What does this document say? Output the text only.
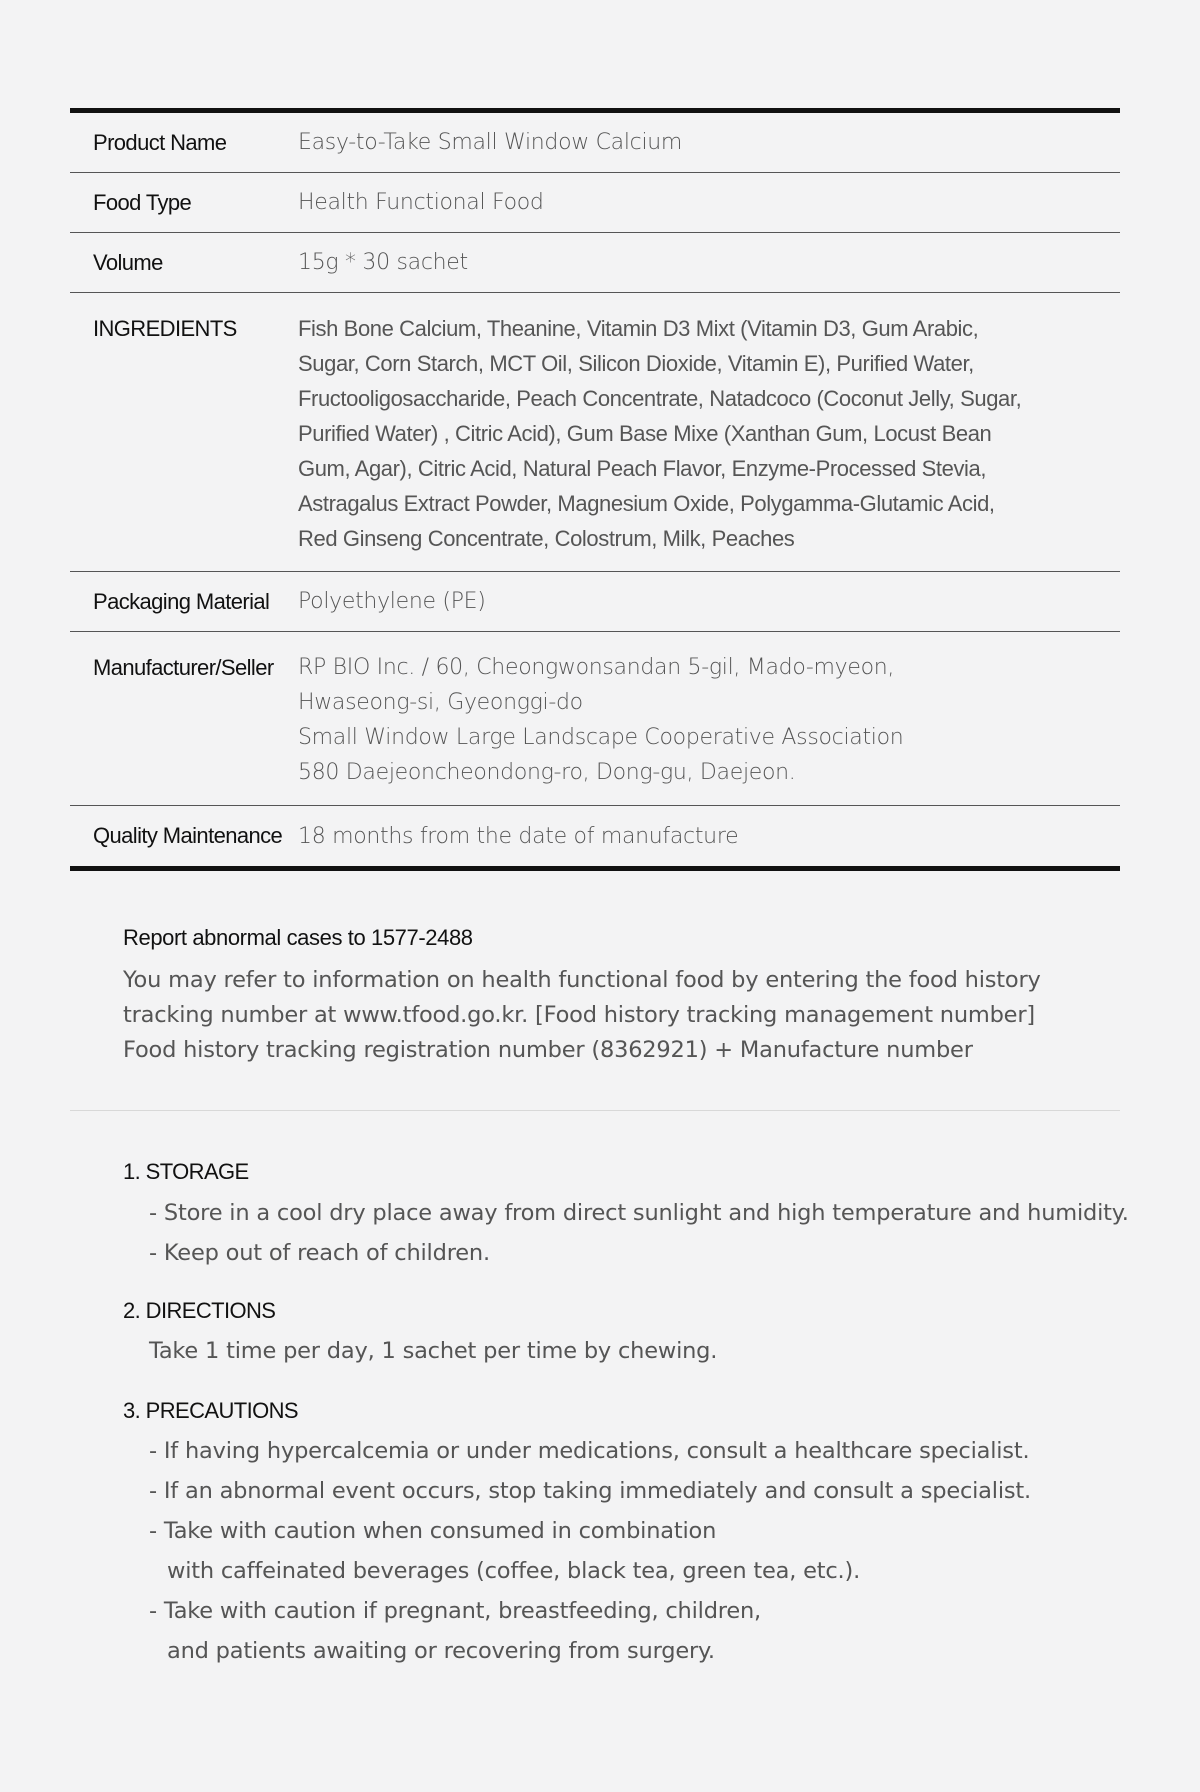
Product Name	Easy-to-Take Small Window Calcium
Food Type	Health Functional Food
Volume	15g * 30 sachet
INGREDIENTS	Fish Bone Calcium, Theanine, Vitamin D3 Mixt (Vitamin D3, Gum Arabic,
Sugar, Corn Starch, MCT Oil, Silicon Dioxide, Vitamin E), Purified Water,
Fructooligosaccharide, Peach Concentrate, Natadcoco (Coconut Jelly, Sugar,
Purified Water) , Citric Acid), Gum Base Mixe (Xanthan Gum, Locust Bean
Gum, Agar), Citric Acid, Natural Peach Flavor, Enzyme-Processed Stevia,
Astragalus Extract Powder, Magnesium Oxide, Polygamma-Glutamic Acid,
Red Ginseng Concentrate, Colostrum, Milk, Peaches
Packaging Material	Polyethylene (PE)
Manufacturer/Seller	RP BIO Inc. / 60, Cheongwonsandan 5-gil, Mado-myeon,
Hwaseong-si, Gyeonggi-do
Small Window Large Landscape Cooperative Association
580 Daejeoncheondong-ro, Dong-gu, Daejeon.
Quality Maintenance 18 months from the date of manufacture
Report abnormal cases to 1577-2488
You may refer to information on health functional food by entering the food history
tracking number at www.tfood.go.kr. [Food history tracking management number]
Food history tracking registration number (8362921) + Manufacture number
1. STORAGE
- Store in a cool dry place away from direct sunlight and high temperature and humidity.
- Keep out of reach of children.
2. DIRECTIONS
Take 1 time per day, 1 sachet per time by chewing.
3. PRECAUTIONS
- If having hypercalcemia or under medications, consult a healthcare specialist.
- If an abnormal event occurs, stop taking immediately and consult a specialist.
- Take with caution when consumed in combination
with caffeinated beverages (coffee, black tea, green tea, etc.).
- Take with caution if pregnant, breastfeeding, children,
and patients awaiting or recovering from surgery.
